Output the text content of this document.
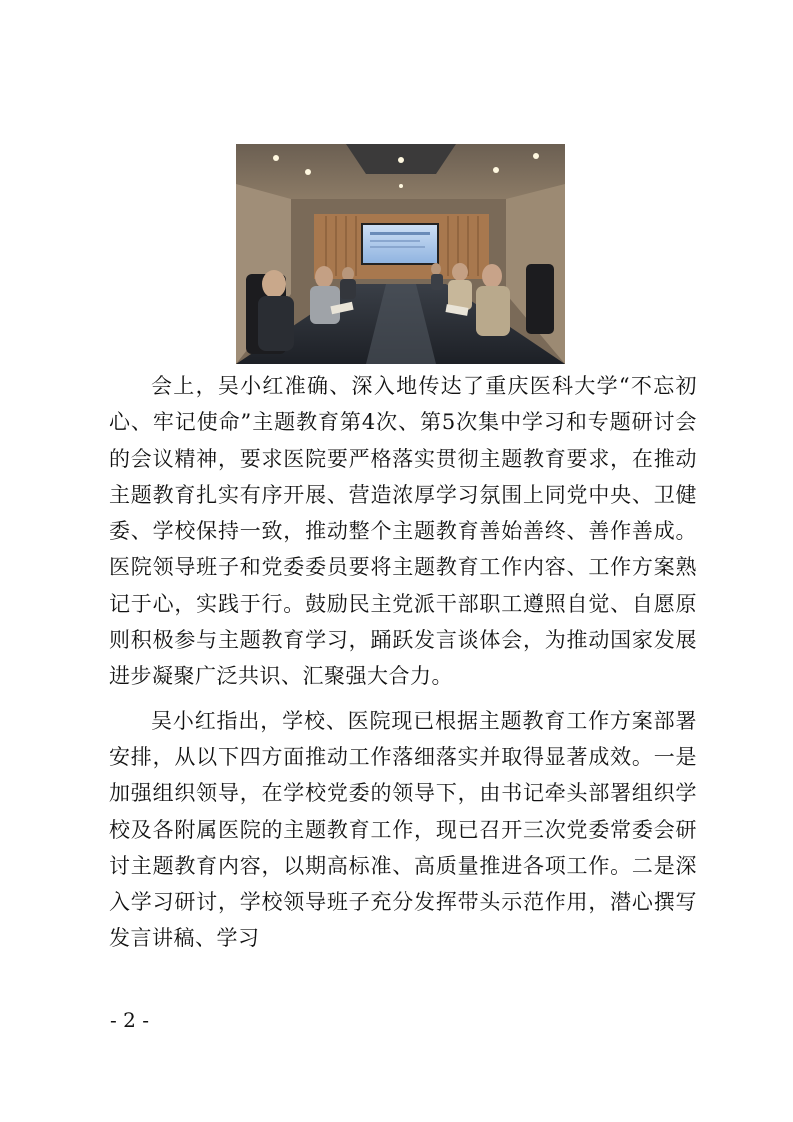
会上，吴小红准确、深入地传达了重庆医科大学“不忘初心、牢记使命”主题教育第4次、第5次集中学习和专题研讨会的会议精神，要求医院要严格落实贯彻主题教育要求，在推动主题教育扎实有序开展、营造浓厚学习氛围上同党中央、卫健委、学校保持一致，推动整个主题教育善始善终、善作善成。医院领导班子和党委委员要将主题教育工作内容、工作方案熟记于心，实践于行。鼓励民主党派干部职工遵照自觉、自愿原则积极参与主题教育学习，踊跃发言谈体会，为推动国家发展进步凝聚广泛共识、汇聚强大合力。

吴小红指出，学校、医院现已根据主题教育工作方案部署安排，从以下四方面推动工作落细落实并取得显著成效。一是加强组织领导，在学校党委的领导下，由书记牵头部署组织学校及各附属医院的主题教育工作，现已召开三次党委常委会研讨主题教育内容，以期高标准、高质量推进各项工作。二是深入学习研讨，学校领导班子充分发挥带头示范作用，潜心撰写发言讲稿、学习

- 2 -
